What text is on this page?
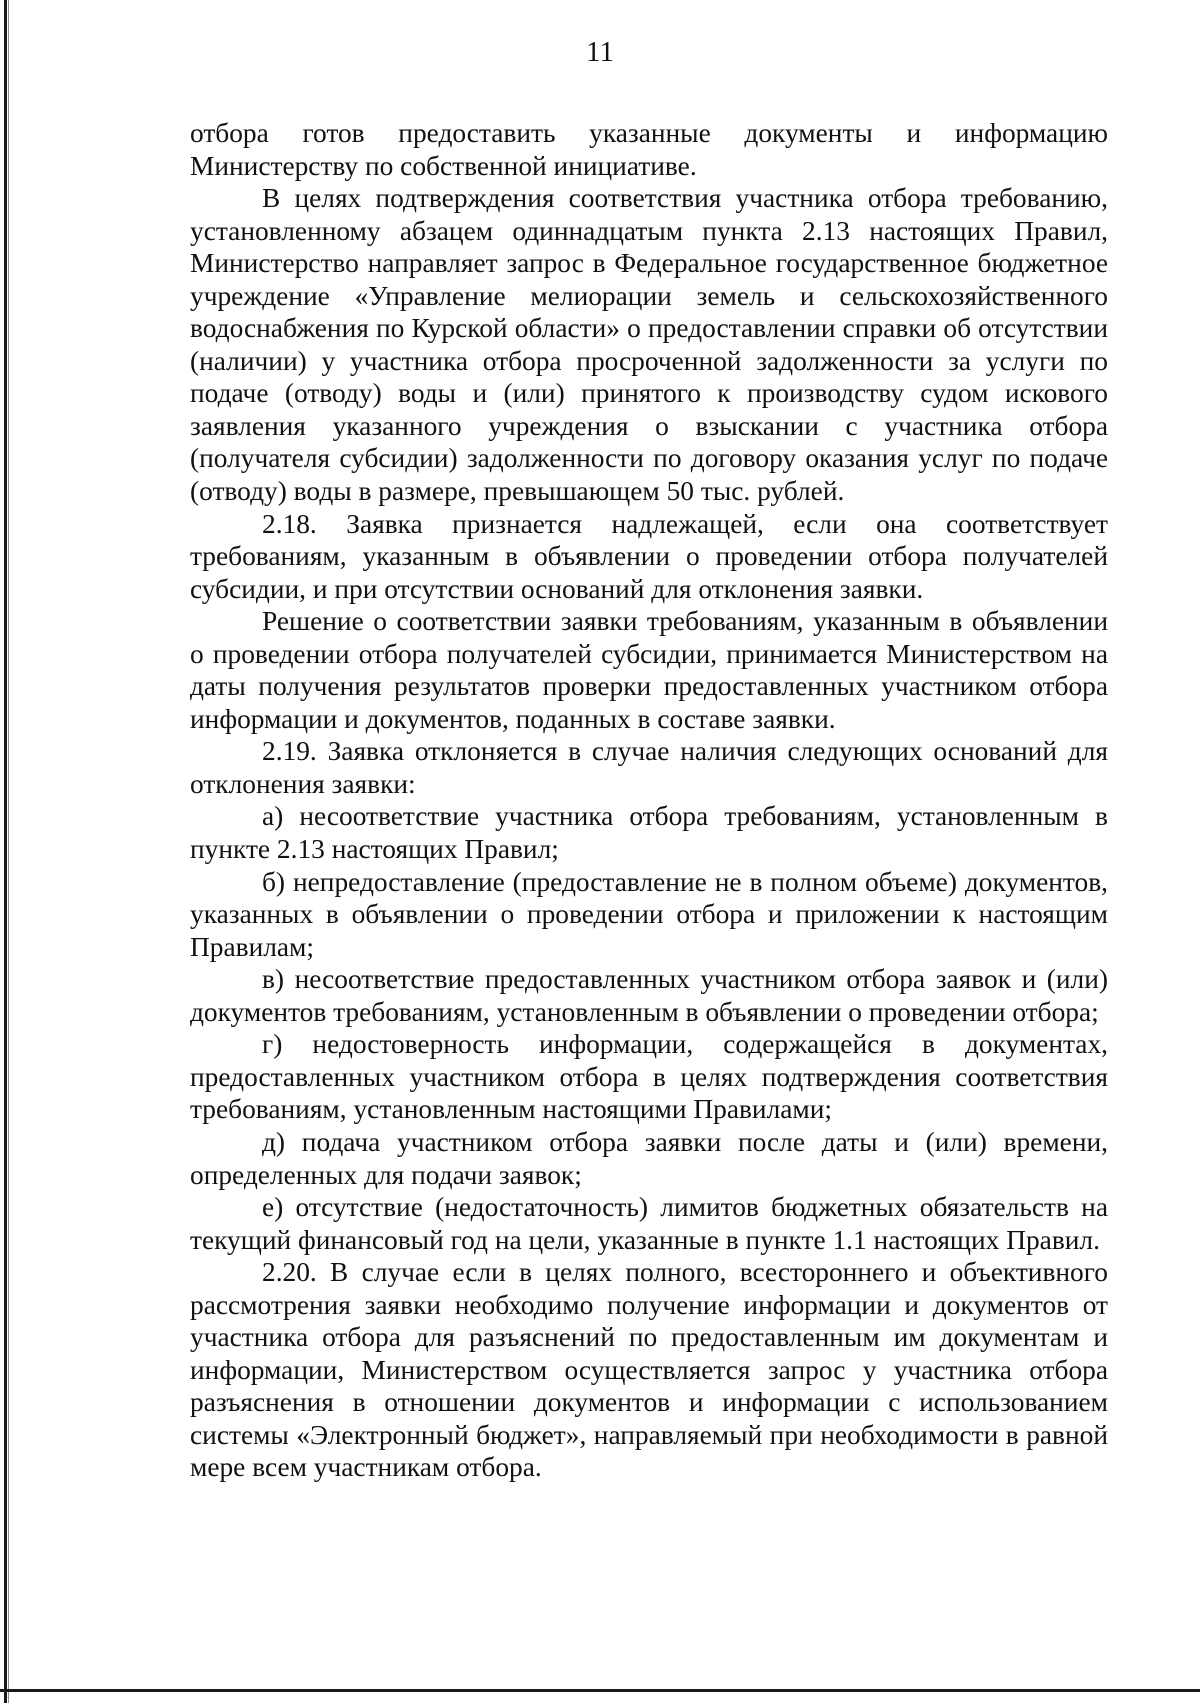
11

отбора готов предоставить указанные документы и информацию Министерству по собственной инициативе.

В целях подтверждения соответствия участника отбора требованию, установленному абзацем одиннадцатым пункта 2.13 настоящих Правил, Министерство направляет запрос в Федеральное государственное бюджетное учреждение «Управление мелиорации земель и сельскохозяйственного водоснабжения по Курской области» о предоставлении справки об отсутствии (наличии) у участника отбора просроченной задолженности за услуги по подаче (отводу) воды и (или) принятого к производству судом искового заявления указанного учреждения о взыскании с участника отбора (получателя субсидии) задолженности по договору оказания услуг по подаче (отводу) воды в размере, превышающем 50 тыс. рублей.

2.18. Заявка признается надлежащей, если она соответствует требованиям, указанным в объявлении о проведении отбора получателей субсидии, и при отсутствии оснований для отклонения заявки.

Решение о соответствии заявки требованиям, указанным в объявлении о проведении отбора получателей субсидии, принимается Министерством на даты получения результатов проверки предоставленных участником отбора информации и документов, поданных в составе заявки.

2.19. Заявка отклоняется в случае наличия следующих оснований для отклонения заявки:

а) несоответствие участника отбора требованиям, установленным в пункте 2.13 настоящих Правил;

б) непредоставление (предоставление не в полном объеме) документов, указанных в объявлении о проведении отбора и приложении к настоящим Правилам;

в) несоответствие предоставленных участником отбора заявок и (или) документов требованиям, установленным в объявлении о проведении отбора;

г) недостоверность информации, содержащейся в документах, предоставленных участником отбора в целях подтверждения соответствия требованиям, установленным настоящими Правилами;

д) подача участником отбора заявки после даты и (или) времени, определенных для подачи заявок;

е) отсутствие (недостаточность) лимитов бюджетных обязательств на текущий финансовый год на цели, указанные в пункте 1.1 настоящих Правил.

2.20. В случае если в целях полного, всестороннего и объективного рассмотрения заявки необходимо получение информации и документов от участника отбора для разъяснений по предоставленным им документам и информации, Министерством осуществляется запрос у участника отбора разъяснения в отношении документов и информации с использованием системы «Электронный бюджет», направляемый при необходимости в равной мере всем участникам отбора.
